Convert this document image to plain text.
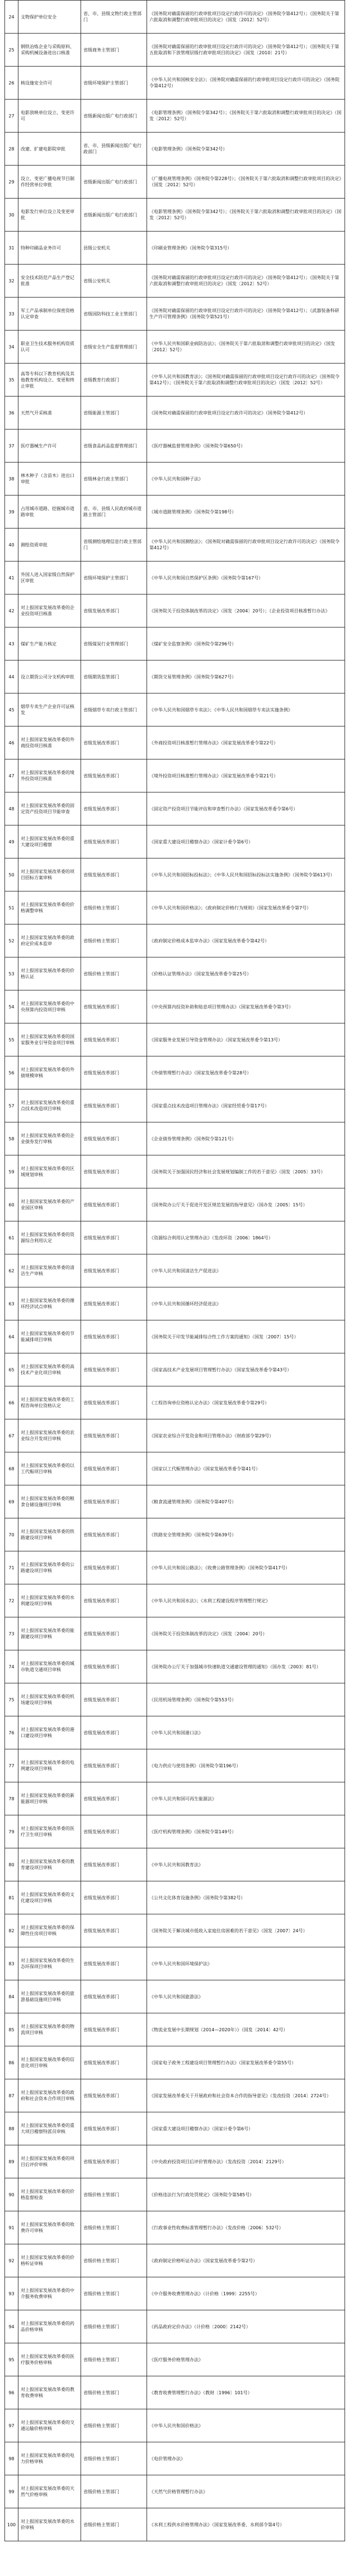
24	文物保护单位安全	省、市、县级文物行政主管部门	《国务院对确需保留的行政审批项目设定行政许可的决定》（国务院令第412号）；《国务院关于第六批取消和调整行政审批项目的决定》（国发〔2012〕52号）
25	钢铁冶炼企业与采购原料、采购机械设备进出口核准	省级商务主管部门	《国务院对确需保留的行政审批项目设定行政许可的决定》（国务院令第412号）；《国务院关于第五批取消和下放管理层级行政审批项目的决定》（国发〔2010〕21号）
26	核设施安全许可	省级环境保护主管部门	《中华人民共和国核安全法》；《国务院对确需保留的行政审批项目设定行政许可的决定》（国务院令第412号）
27	电影放映单位设立、变更许可	省级新闻出版广电行政部门	《电影管理条例》（国务院令第342号）；《国务院关于第六批取消和调整行政审批项目的决定》（国发〔2012〕52号）
28	改建、扩建电影院审批	省、市、县级新闻出版广电行政部门	《电影管理条例》（国务院令第342号）
29	设立、变更广播电视节目制作经营单位审批	省级新闻出版广电行政部门	《广播电视管理条例》（国务院令第228号）；《国务院关于第六批取消和调整行政审批项目的决定》（国发〔2012〕52号）
30	电影发行单位设立及变更审批	省级新闻出版广电行政部门	《电影管理条例》（国务院令第342号）；《国务院关于第六批取消和调整行政审批项目的决定》（国发〔2012〕52号）
31	特种印刷品业务许可	县级公安机关	《印刷业管理条例》（国务院令第315号）
32	安全技术防范产品生产登记批准	省级公安机关	《国务院对确需保留的行政审批项目设定行政许可的决定》（国务院令第412号）；《国务院关于第六批取消和调整行政审批项目的决定》（国发〔2012〕52号）
33	军工产品承制单位保密资格认定审查	省级国防科技工业主管部门	《国务院对确需保留的行政审批项目设定行政许可的决定》（国务院令第412号）；《武器装备科研生产许可管理条例》（国务院令第521号）
34	职业卫生技术服务机构资质认可	省级安全生产监督管理部门	《中华人民共和国职业病防治法》；《国务院关于第六批取消和调整行政审批项目的决定》（国发〔2012〕52号）
35	高等专科以下教育机构及其他教育机构设立、变更和终止审批	省级教育行政部门	《中华人民共和国教育法》；《国务院对确需保留的行政审批项目设定行政许可的决定》（国务院令第412号）；《国务院关于第六批取消和调整行政审批项目的决定》（国发〔2012〕52号）
36	天然气开采核准	省级能源主管部门	《国务院对确需保留的行政审批项目设定行政许可的决定》（国务院令第412号）
37	医疗器械生产许可	省级食品药品监督管理部门	《医疗器械监督管理条例》（国务院令第650号）
38	林木种子（含苗木）进出口审批	省级林业行政主管部门	《中华人民共和国种子法》
39	占用城市道路、挖掘城市道路审批	省、市、县级人民政府城市道路主管部门	《城市道路管理条例》（国务院令第198号）
40	测绘资质审批	省级测绘地理信息行政主管部门	《中华人民共和国测绘法》；《国务院对确需保留的行政审批项目设定行政许可的决定》（国务院令第412号）
41	外国人进入国家级自然保护区审批	省级环境保护主管部门	《中华人民共和国自然保护区条例》（国务院令第167号）
42	对上报国家发展改革委的企业投资项目核准	省级发展改革部门	《国务院关于投资体制改革的决定》（国发〔2004〕20号）；《企业投资项目核准暂行办法》
43	煤矿生产能力核定	省级煤炭行业管理部门	《煤矿安全监察条例》（国务院令第296号）
44	设立期货公司分支机构审批	省级期货监管部门	《期货交易管理条例》（国务院令第627号）
45	烟草专卖生产企业许可证核发	省级烟草专卖行政主管部门	《中华人民共和国烟草专卖法》；《中华人民共和国烟草专卖法实施条例》
46	对上报国家发展改革委的外商投资项目核准	省级发展改革部门	《外商投资项目核准暂行管理办法》（国家发展改革委令第22号）
47	对上报国家发展改革委的境外投资项目核准	省级发展改革部门	《境外投资项目核准暂行管理办法》（国家发展改革委令第21号）
48	对上报国家发展改革委的固定资产投资项目节能审查	省级发展改革部门	《固定资产投资项目节能评估和审查暂行办法》（国家发展改革委令第6号）
49	对上报国家发展改革委的重大建设项目稽察	省级发展改革部门	《国家重大建设项目稽察办法》（国家计委令第6号）
50	对上报国家发展改革委的项目招标方案审核	省级发展改革部门	《中华人民共和国招标投标法》；《中华人民共和国招标投标法实施条例》（国务院令第613号）
51	对上报国家发展改革委的价格调整审核	省级价格主管部门	《中华人民共和国价格法》；《政府制定价格行为规则》（国家发展改革委令第7号）
52	对上报国家发展改革委的政府定价成本监审	省级价格主管部门	《政府制定价格成本监审办法》（国家发展改革委令第42号）
53	对上报国家发展改革委的价格认证	省级价格主管部门	《价格认证管理办法》（国家发展改革委令第25号）
54	对上报国家发展改革委的中央预算内投资项目审核	省级发展改革部门	《中央预算内投资补助和贴息项目管理办法》（国家发展改革委令第3号）
55	对上报国家发展改革委的国家服务业引导资金项目审核	省级发展改革部门	《国家服务业发展引导资金管理办法》（国家发展改革委令第13号）
56	对上报国家发展改革委的外债规模审核	省级发展改革部门	《外债管理暂行办法》（国家发展改革委令第28号）
57	对上报国家发展改革委的重点技术改造项目审核	省级发展改革部门	《国家重点技术改造项目管理办法》（国家经贸委令第17号）
58	对上报国家发展改革委的企业债券发行审核	省级发展改革部门	《企业债券管理条例》（国务院令第121号）
59	对上报国家发展改革委的区域规划审核	省级发展改革部门	《国务院关于加强国民经济和社会发展规划编制工作的若干意见》（国发〔2005〕33号）
60	对上报国家发展改革委的产业园区审核	省级发展改革部门	《国务院办公厅关于促进开发区规范发展的指导意见》（国办发〔2005〕15号）
61	对上报国家发展改革委的资源综合利用认定	省级发展改革部门	《资源综合利用认定管理办法》（发改环资〔2006〕1864号）
62	对上报国家发展改革委的清洁生产审核	省级发展改革部门	《中华人民共和国清洁生产促进法》
63	对上报国家发展改革委的循环经济试点审核	省级发展改革部门	《中华人民共和国循环经济促进法》
64	对上报国家发展改革委的节能减排项目审核	省级发展改革部门	《国务院关于印发节能减排综合性工作方案的通知》（国发〔2007〕15号）
65	对上报国家发展改革委的高技术产业化项目审核	省级发展改革部门	《国家高技术产业发展项目管理暂行办法》（国家发展改革委令第43号）
66	对上报国家发展改革委的工程咨询单位资格认定	省级发展改革部门	《工程咨询单位资格认定办法》（国家发展改革委令第29号）
67	对上报国家发展改革委的农业综合开发项目审核	省级发展改革部门	《国家农业综合开发资金和项目管理办法》（财政部令第29号）
68	对上报国家发展改革委的以工代赈项目审核	省级发展改革部门	《国家以工代赈管理办法》（国家发展改革委令第41号）
69	对上报国家发展改革委的粮食仓储设施项目审核	省级发展改革部门	《粮食流通管理条例》（国务院令第407号）
70	对上报国家发展改革委的铁路建设项目审核	省级发展改革部门	《铁路安全管理条例》（国务院令第639号）
71	对上报国家发展改革委的公路建设项目审核	省级发展改革部门	《中华人民共和国公路法》；《收费公路管理条例》（国务院令第417号）
72	对上报国家发展改革委的水利建设项目审核	省级发展改革部门	《中华人民共和国水法》；《水利工程建设程序管理暂行规定》
73	对上报国家发展改革委的能源建设项目审核	省级发展改革部门	《国务院关于投资体制改革的决定》（国发〔2004〕20号）
74	对上报国家发展改革委的城市轨道交通项目审核	省级发展改革部门	《国务院办公厅关于加强城市快速轨道交通建设管理的通知》（国办发〔2003〕81号）
75	对上报国家发展改革委的机场建设项目审核	省级发展改革部门	《民用机场管理条例》（国务院令第553号）
76	对上报国家发展改革委的港口建设项目审核	省级发展改革部门	《中华人民共和国港口法》
77	对上报国家发展改革委的电网建设项目审核	省级发展改革部门	《电力供应与使用条例》（国务院令第196号）
78	对上报国家发展改革委的新能源项目审核	省级发展改革部门	《中华人民共和国可再生能源法》
79	对上报国家发展改革委的医疗卫生项目审核	省级发展改革部门	《医疗机构管理条例》（国务院令第149号）
80	对上报国家发展改革委的教育建设项目审核	省级发展改革部门	《中华人民共和国教育法》
81	对上报国家发展改革委的文化建设项目审核	省级发展改革部门	《公共文化体育设施条例》（国务院令第382号）
82	对上报国家发展改革委的保障性住房项目审核	省级发展改革部门	《国务院关于解决城市低收入家庭住房困难的若干意见》（国发〔2007〕24号）
83	对上报国家发展改革委的生态环保项目审核	省级发展改革部门	《中华人民共和国环境保护法》
84	对上报国家发展改革委的旅游基础设施项目审核	省级发展改革部门	《中华人民共和国旅游法》
85	对上报国家发展改革委的物流项目审核	省级发展改革部门	《物流业发展中长期规划（2014—2020年）》（国发〔2014〕42号）
86	对上报国家发展改革委的信息化项目审核	省级发展改革部门	《国家电子政务工程建设项目管理暂行办法》（国家发展改革委令第55号）
87	对上报国家发展改革委的政府和社会资本合作项目审核	省级发展改革部门	《国家发展改革委关于开展政府和社会资本合作的指导意见》（发改投资〔2014〕2724号）
88	对上报国家发展改革委的重大项目稽察特派员审核	省级发展改革部门	《国家重大建设项目稽察办法》（国家计委令第6号）
89	对上报国家发展改革委的项目后评价审核	省级发展改革部门	《中央政府投资项目后评价管理办法》（发改投资〔2014〕2129号）
90	对上报国家发展改革委的价格监督检查	省级价格主管部门	《价格违法行为行政处罚规定》（国务院令第585号）
91	对上报国家发展改革委的收费许可审核	省级价格主管部门	《行政事业性收费标准管理暂行办法》（发改价格〔2006〕532号）
92	对上报国家发展改革委的价格听证审核	省级价格主管部门	《政府制定价格听证办法》（国家发展改革委令第2号）
93	对上报国家发展改革委的中介服务收费审核	省级价格主管部门	《中介服务收费管理办法》（计价格〔1999〕2255号）
94	对上报国家发展改革委的药品价格审核	省级价格主管部门	《药品政府定价办法》（计价格〔2000〕2142号）
95	对上报国家发展改革委的医疗服务价格审核	省级价格主管部门	《医疗服务价格管理办法》
96	对上报国家发展改革委的教育收费审核	省级价格主管部门	《教育收费管理暂行办法》（教财〔1996〕101号）
97	对上报国家发展改革委的交通运输价格审核	省级价格主管部门	《中华人民共和国价格法》
98	对上报国家发展改革委的电力价格审核	省级价格主管部门	《电价管理办法》
99	对上报国家发展改革委的天然气价格审核	省级价格主管部门	《天然气价格管理暂行办法》
100	对上报国家发展改革委的水价审核	省级价格主管部门	《水利工程供水价格管理办法》（国家发展改革委、水利部令第4号）
